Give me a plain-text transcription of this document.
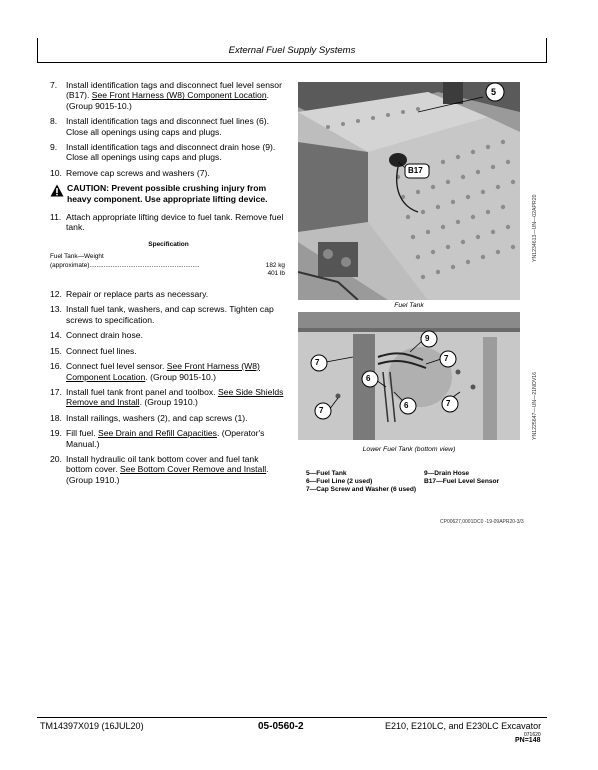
External Fuel Supply Systems
7. Install identification tags and disconnect fuel level sensor (B17). See Front Harness (W8) Component Location. (Group 9015-10.)
8. Install identification tags and disconnect fuel lines (6). Close all openings using caps and plugs.
9. Install identification tags and disconnect drain hose (9). Close all openings using caps and plugs.
10. Remove cap screws and washers (7).
CAUTION: Prevent possible crushing injury from heavy component. Use appropriate lifting device.
11. Attach appropriate lifting device to fuel tank. Remove fuel tank.
Specification
Fuel Tank—Weight
(approximate)..............................................................	182 kg

401 lb
12. Repair or replace parts as necessary.
13. Install fuel tank, washers, and cap screws. Tighten cap screws to specification.
14. Connect drain hose.
15. Connect fuel lines.
16. Connect fuel level sensor. See Front Harness (W8) Component Location. (Group 9015-10.)
17. Install fuel tank front panel and toolbox. See Side Shields Remove and Install. (Group 1910.)
18. Install railings, washers (2), and cap screws (1).
19. Fill fuel. See Drain and Refill Capacities. (Operator's Manual.)
20. Install hydraulic oil tank bottom cover and fuel tank bottom cover. See Bottom Cover Remove and Install. (Group 1910.)
5
B17
YN1234613—UN—02APR20
Fuel Tank
9
7	7
6
7
7
6	YN1225647—UN—21NOV16
Lower Fuel Tank (bottom view)
5—Fuel Tank
6—Fuel Line (2 used)
7—Cap Screw and Washer (6 used)
9—Drain Hose
B17—Fuel Level Sensor
CP00627,0001DC0 -19-09APR20-3/3
TM14397X019 (16JUL20)	05-0560-2	E210, E210LC, and E230LC Excavator
071620
PN=148
